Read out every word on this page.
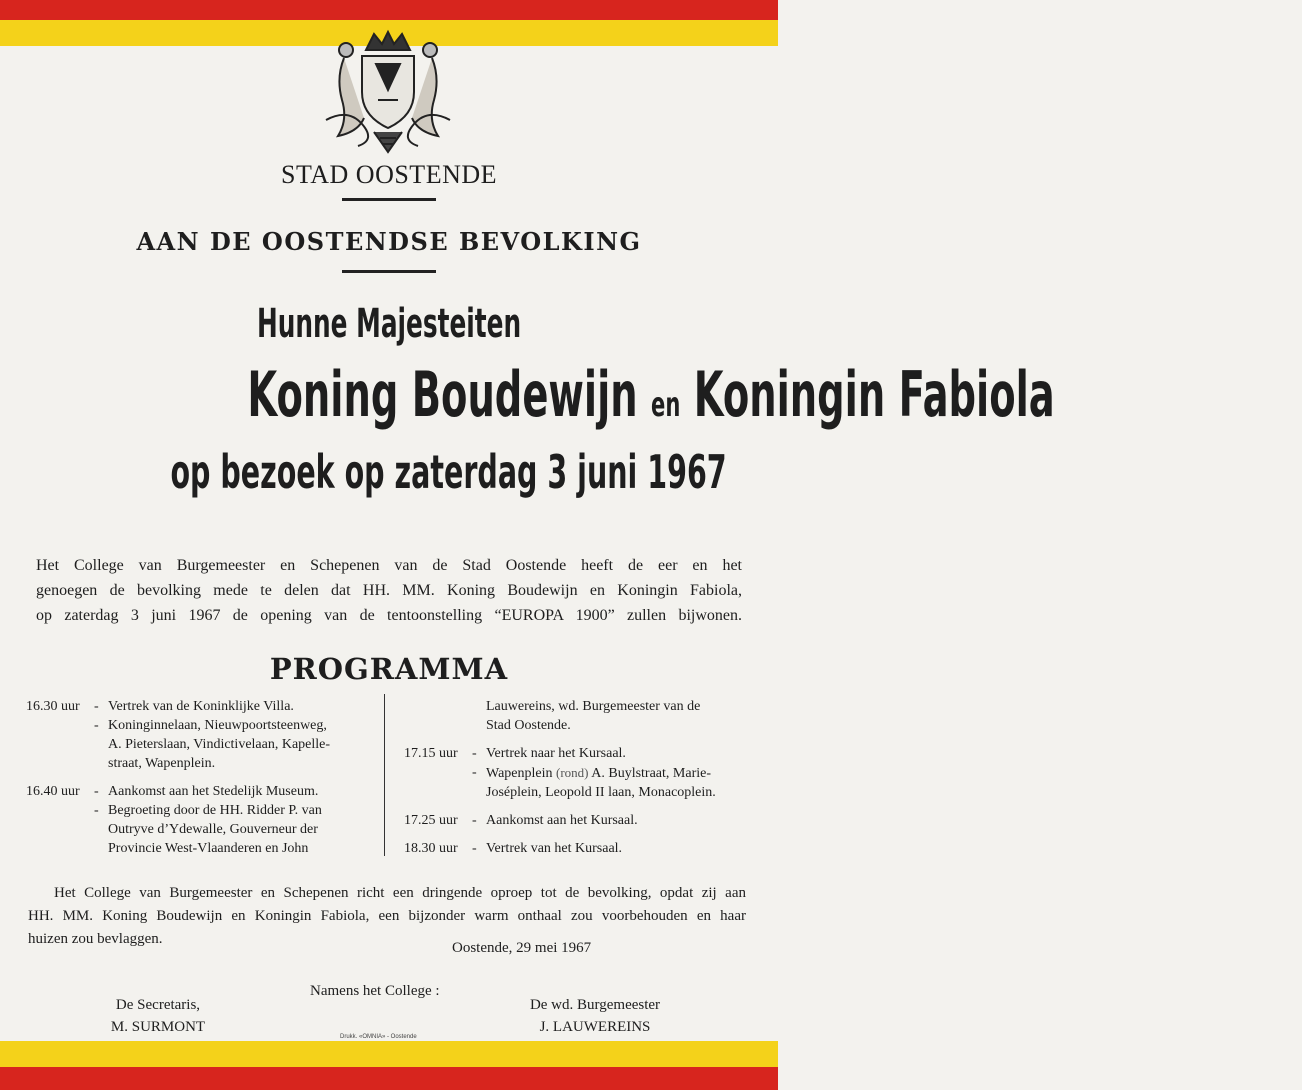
STAD OOSTENDE
AAN DE OOSTENDSE BEVOLKING
Hunne Majesteiten
Koning Boudewijn en Koningin Fabiola
op bezoek op zaterdag 3 juni 1967
Het College van Burgemeester en Schepenen van de Stad Oostende heeft de eer en het
genoegen de bevolking mede te delen dat HH. MM. Koning Boudewijn en Koningin Fabiola,
op zaterdag 3 juni 1967 de opening van de tentoonstelling “EUROPA 1900” zullen bijwonen.
PROGRAMMA
16.30 uur	- Vertrek van de Koninklijke Villa.
- Koninginnelaan, Nieuwpoortsteenweg,
A. Pieterslaan, Vindictivelaan, Kapelle-
straat, Wapenplein.
16.40 uur	- Aankomst aan het Stedelijk Museum.
- Begroeting door de HH. Ridder P. van
Outryve d’Ydewalle, Gouverneur der
Provincie West-Vlaanderen en John
Lauwereins, wd. Burgemeester van de
Stad Oostende.
17.15 uur	- Vertrek naar het Kursaal.
- Wapenplein (rond) A. Buylstraat, Marie-
Joséplein, Leopold II laan, Monacoplein.
17.25 uur	- Aankomst aan het Kursaal.
18.30 uur	- Vertrek van het Kursaal.
Het College van Burgemeester en Schepenen richt een dringende oproep tot de bevolking, opdat zij aan
HH. MM. Koning Boudewijn en Koningin Fabiola, een bijzonder warm onthaal zou voorbehouden en haar
huizen zou bevlaggen.
Oostende, 29 mei 1967
Namens het College :
De Secretaris,
M. SURMONT
De wd. Burgemeester
J. LAUWEREINS
Drukk. «OMNIA» - Oostende
